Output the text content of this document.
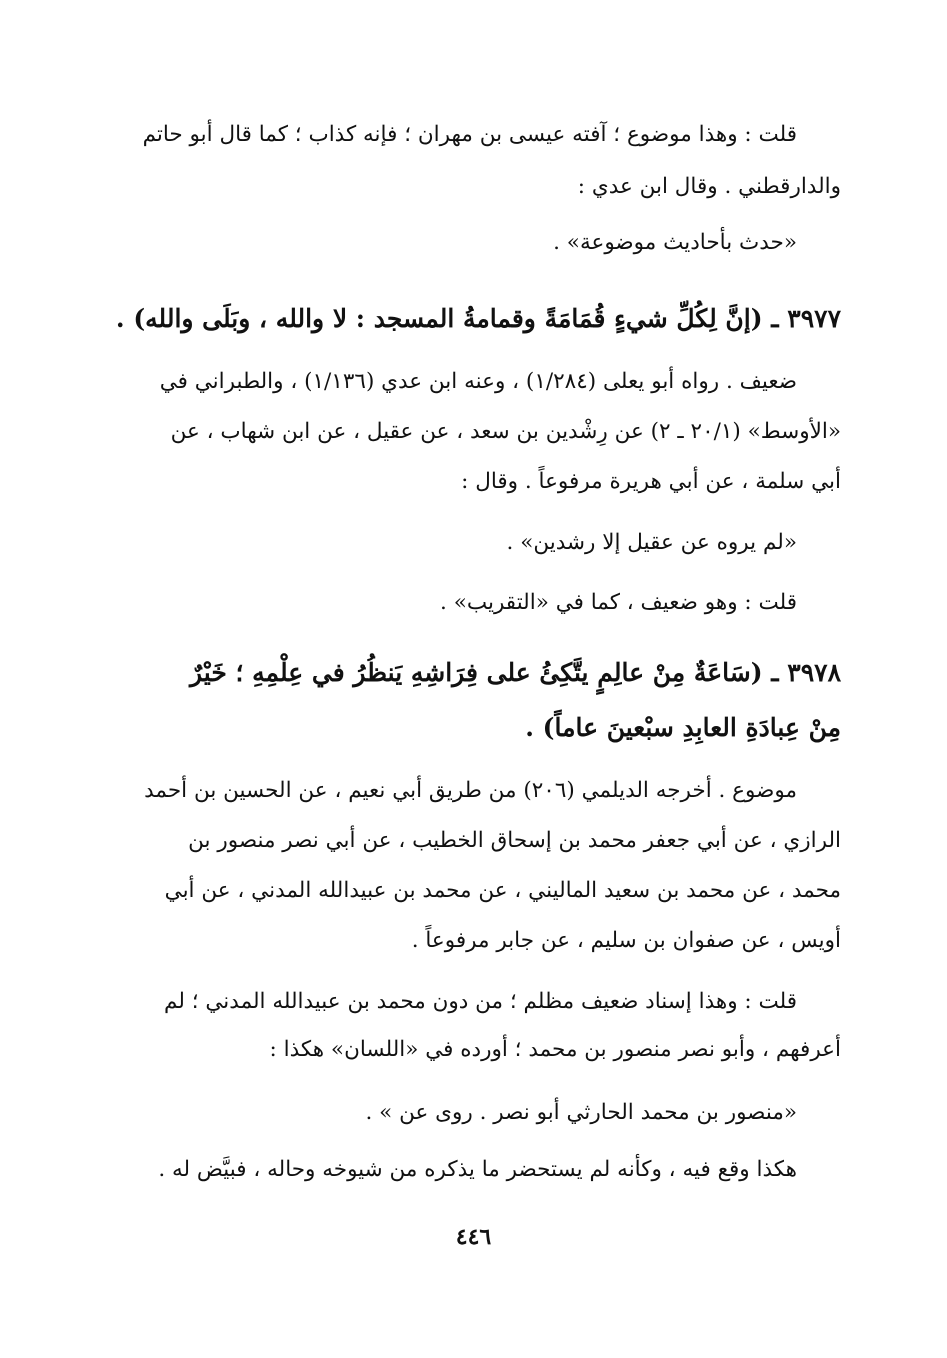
قلت : وهذا موضوع ؛ آفته عيسى بن مهران ؛ فإنه كذاب ؛ كما قال أبو حاتم

والدارقطني . وقال ابن عدي :

«حدث بأحاديث موضوعة» .

٣٩٧٧ ـ (إنَّ لِكُلِّ شيءٍ قُمَامَةً وقمامةُ المسجد : لا والله ، وبَلَى والله) .

ضعيف . رواه أبو يعلى (١/٢٨٤) ، وعنه ابن عدي (١/١٣٦) ، والطبراني في

«الأوسط» (٢٠/١ ـ ٢) عن رِشْدين بن سعد ، عن عقيل ، عن ابن شهاب ، عن

أبي سلمة ، عن أبي هريرة مرفوعاً . وقال :

«لم يروه عن عقيل إلا رشدين» .

قلت : وهو ضعيف ، كما في «التقريب» .

٣٩٧٨ ـ (سَاعَةٌ مِنْ عالِمٍ يتَّكِئُ على فِرَاشِهِ يَنظُرُ في عِلْمِهِ ؛ خَيْرٌ

مِنْ عِبادَةِ العابِدِ سبْعينَ عاماً) .

موضوع . أخرجه الديلمي (٢٠٦) من طريق أبي نعيم ، عن الحسين بن أحمد

الرازي ، عن أبي جعفر محمد بن إسحاق الخطيب ، عن أبي نصر منصور بن

محمد ، عن محمد بن سعيد الماليني ، عن محمد بن عبيدالله المدني ، عن أبي

أويس ، عن صفوان بن سليم ، عن جابر مرفوعاً .

قلت : وهذا إسناد ضعيف مظلم ؛ من دون محمد بن عبيدالله المدني ؛ لم

أعرفهم ، وأبو نصر منصور بن محمد ؛ أورده في «اللسان» هكذا :

«منصور بن محمد الحارثي أبو نصر . روى عن » .

هكذا وقع فيه ، وكأنه لم يستحضر ما يذكره من شيوخه وحاله ، فبيَّض له .

٤٤٦
